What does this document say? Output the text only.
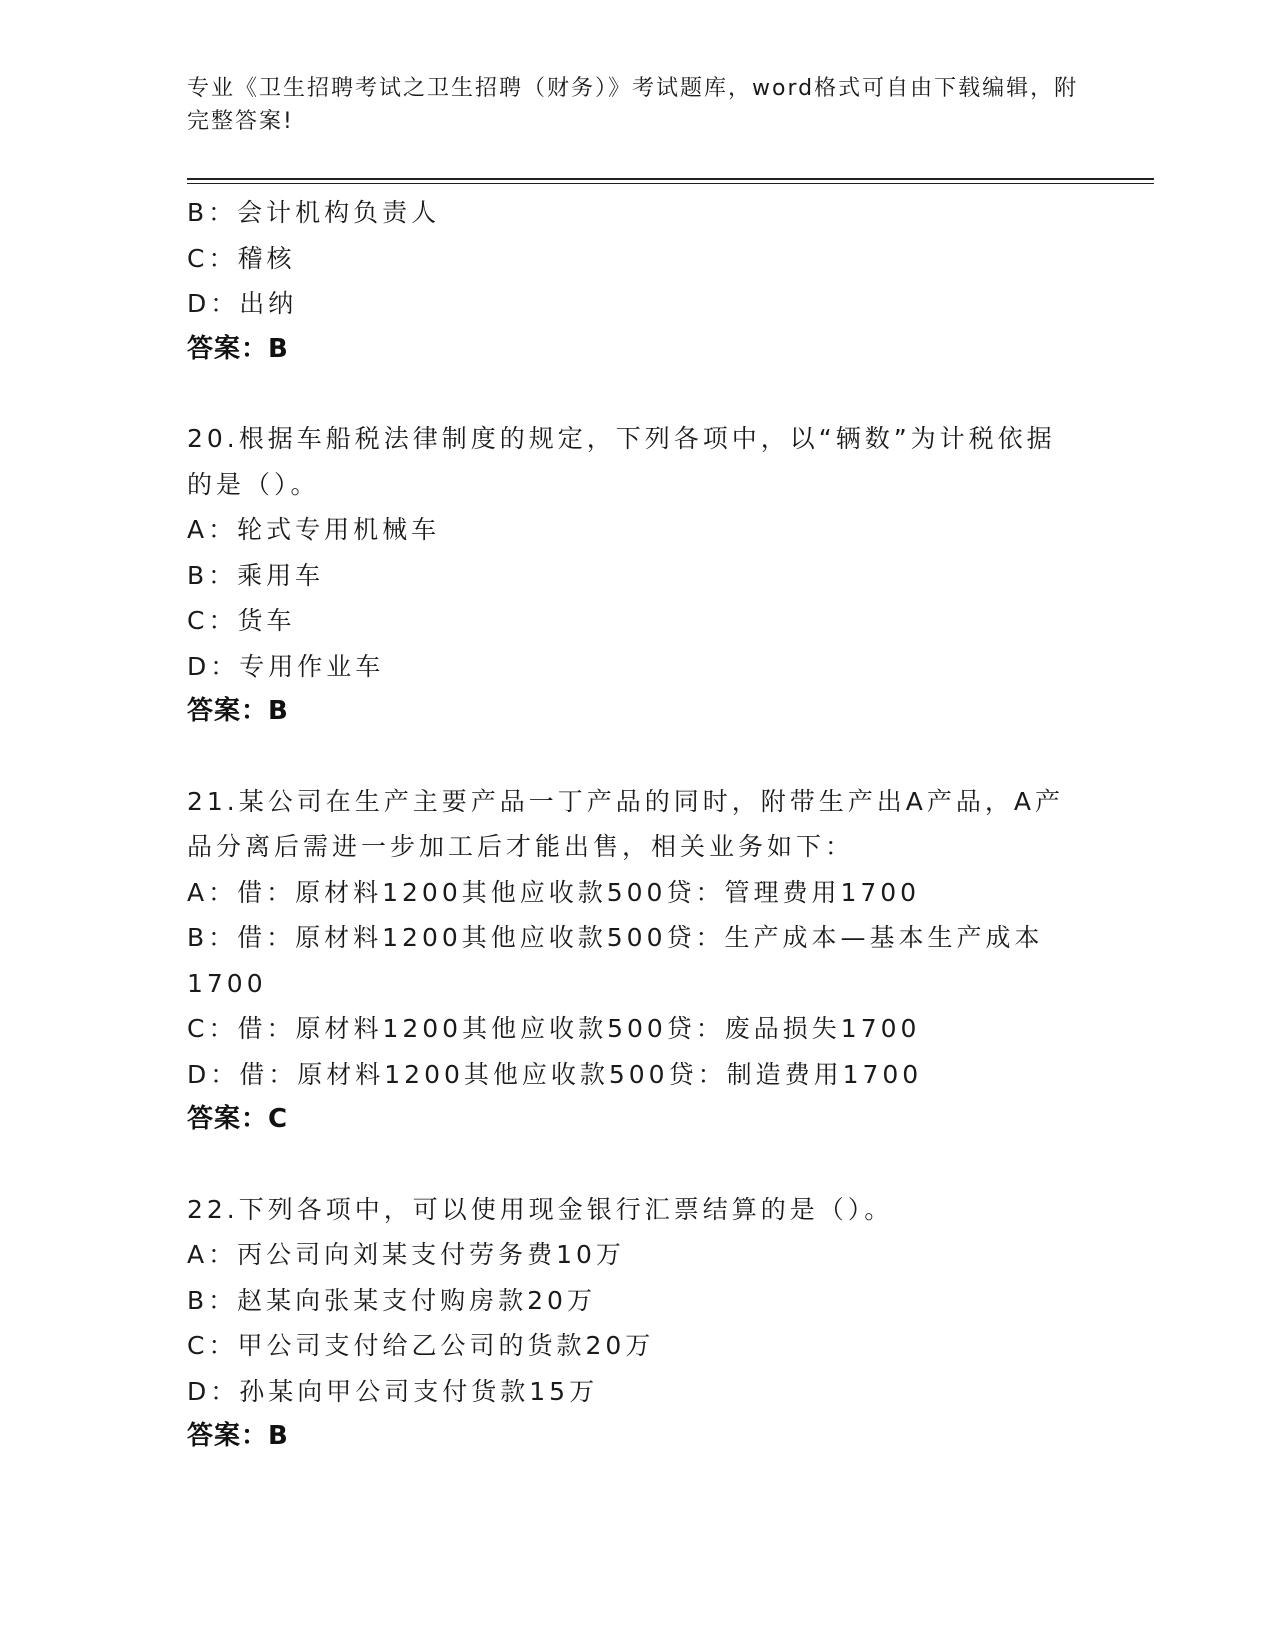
专业《卫生招聘考试之卫生招聘（财务）》考试题库，word格式可自由下载编辑，附完整答案!
B：会计机构负责人
C：稽核
D：出纳
答案：B
20.根据车船税法律制度的规定，下列各项中，以“辆数”为计税依据
的是（）。
A：轮式专用机械车
B：乘用车
C：货车
D：专用作业车
答案：B
21.某公司在生产主要产品一丁产品的同时，附带生产出A产品，A产
品分离后需进一步加工后才能出售，相关业务如下：
A：借：原材料1200其他应收款500贷：管理费用1700
B：借：原材料1200其他应收款500贷：生产成本—基本生产成本
1700
C：借：原材料1200其他应收款500贷：废品损失1700
D：借：原材料1200其他应收款500贷：制造费用1700
答案：C
22.下列各项中，可以使用现金银行汇票结算的是（）。
A：丙公司向刘某支付劳务费10万
B：赵某向张某支付购房款20万
C：甲公司支付给乙公司的货款20万
D：孙某向甲公司支付货款15万
答案：B
